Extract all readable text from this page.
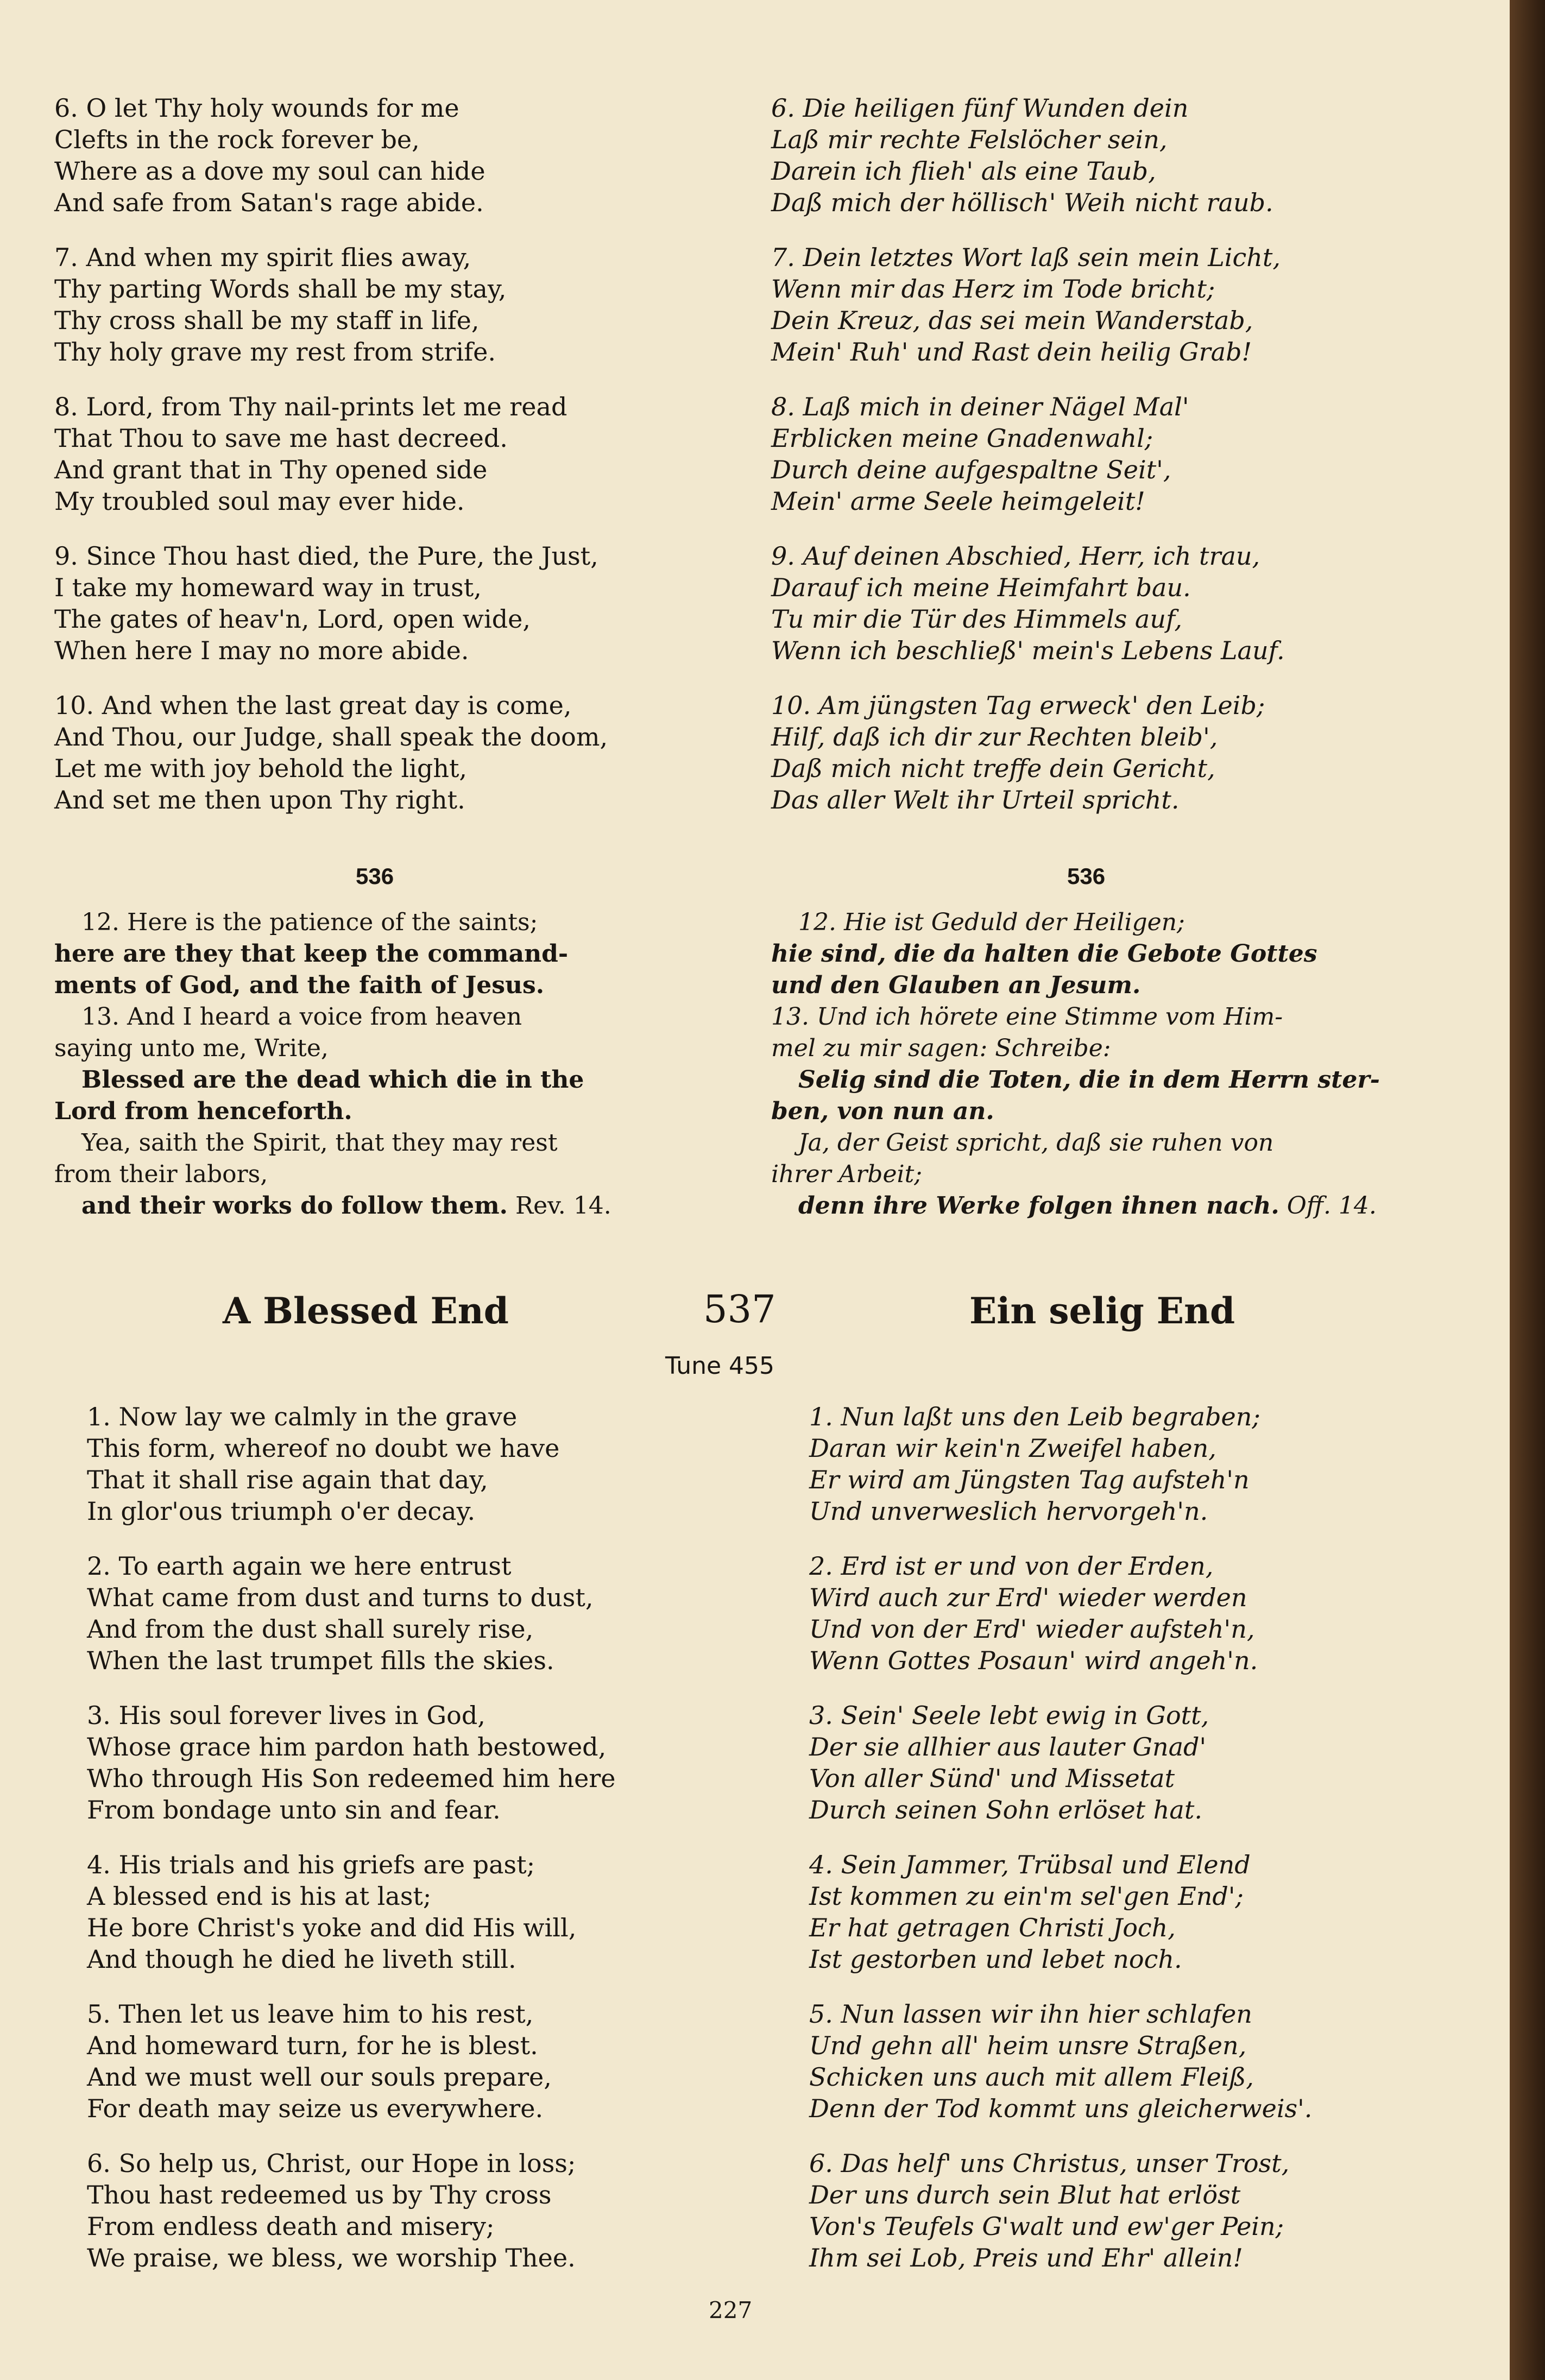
6. O let Thy holy wounds for me
Clefts in the rock forever be,
Where as a dove my soul can hide
And safe from Satan's rage abide.
7. And when my spirit flies away,
Thy parting Words shall be my stay,
Thy cross shall be my staff in life,
Thy holy grave my rest from strife.
8. Lord, from Thy nail-prints let me read
That Thou to save me hast decreed.
And grant that in Thy opened side
My troubled soul may ever hide.
9. Since Thou hast died, the Pure, the Just,
I take my homeward way in trust,
The gates of heav'n, Lord, open wide,
When here I may no more abide.
10. And when the last great day is come,
And Thou, our Judge, shall speak the doom,
Let me with joy behold the light,
And set me then upon Thy right.
6. Die heiligen fünf Wunden dein
Laß mir rechte Felslöcher sein,
Darein ich flieh' als eine Taub,
Daß mich der höllisch' Weih nicht raub.
7. Dein letztes Wort laß sein mein Licht,
Wenn mir das Herz im Tode bricht;
Dein Kreuz, das sei mein Wanderstab,
Mein' Ruh' und Rast dein heilig Grab!
8. Laß mich in deiner Nägel Mal'
Erblicken meine Gnadenwahl;
Durch deine aufgespaltne Seit',
Mein' arme Seele heimgeleit!
9. Auf deinen Abschied, Herr, ich trau,
Darauf ich meine Heimfahrt bau.
Tu mir die Tür des Himmels auf,
Wenn ich beschließ' mein's Lebens Lauf.
10. Am jüngsten Tag erweck' den Leib;
Hilf, daß ich dir zur Rechten bleib',
Daß mich nicht treffe dein Gericht,
Das aller Welt ihr Urteil spricht.
536	536
12. Here is the patience of the saints;
here are they that keep the command-
ments of God, and the faith of Jesus.
13. And I heard a voice from heaven
saying unto me, Write,
Blessed are the dead which die in the
Lord from henceforth.
Yea, saith the Spirit, that they may rest
from their labors,
and their works do follow them. Rev. 14.
12. Hie ist Geduld der Heiligen;
hie sind, die da halten die Gebote Gottes
und den Glauben an Jesum.
13. Und ich hörete eine Stimme vom Him-
mel zu mir sagen: Schreibe:
Selig sind die Toten, die in dem Herrn ster-
ben, von nun an.
Ja, der Geist spricht, daß sie ruhen von
ihrer Arbeit;
denn ihre Werke folgen ihnen nach. Off. 14.
A Blessed End	537	Ein selig End
Tune 455
1. Now lay we calmly in the grave
This form, whereof no doubt we have
That it shall rise again that day,
In glor'ous triumph o'er decay.
2. To earth again we here entrust
What came from dust and turns to dust,
And from the dust shall surely rise,
When the last trumpet fills the skies.
3. His soul forever lives in God,
Whose grace him pardon hath bestowed,
Who through His Son redeemed him here
From bondage unto sin and fear.
4. His trials and his griefs are past;
A blessed end is his at last;
He bore Christ's yoke and did His will,
And though he died he liveth still.
5. Then let us leave him to his rest,
And homeward turn, for he is blest.
And we must well our souls prepare,
For death may seize us everywhere.
6. So help us, Christ, our Hope in loss;
Thou hast redeemed us by Thy cross
From endless death and misery;
We praise, we bless, we worship Thee.
1. Nun laßt uns den Leib begraben;
Daran wir kein'n Zweifel haben,
Er wird am Jüngsten Tag aufsteh'n
Und unverweslich hervorgeh'n.
2. Erd ist er und von der Erden,
Wird auch zur Erd' wieder werden
Und von der Erd' wieder aufsteh'n,
Wenn Gottes Posaun' wird angeh'n.
3. Sein' Seele lebt ewig in Gott,
Der sie allhier aus lauter Gnad'
Von aller Sünd' und Missetat
Durch seinen Sohn erlöset hat.
4. Sein Jammer, Trübsal und Elend
Ist kommen zu ein'm sel'gen End';
Er hat getragen Christi Joch,
Ist gestorben und lebet noch.
5. Nun lassen wir ihn hier schlafen
Und gehn all' heim unsre Straßen,
Schicken uns auch mit allem Fleiß,
Denn der Tod kommt uns gleicherweis'.
6. Das helf' uns Christus, unser Trost,
Der uns durch sein Blut hat erlöst
Von's Teufels G'walt und ew'ger Pein;
Ihm sei Lob, Preis und Ehr' allein!
227
